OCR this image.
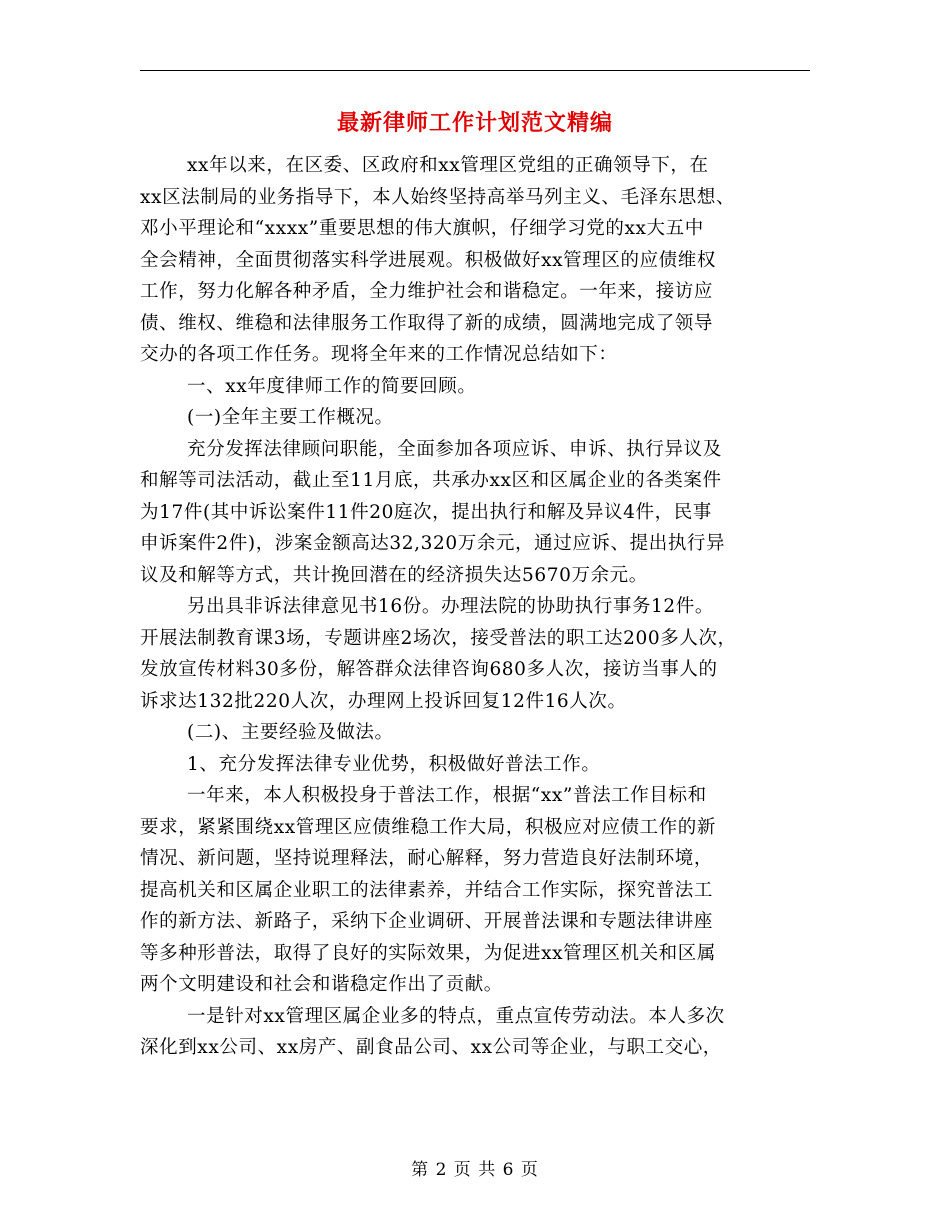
最新律师工作计划范文精编
xx年以来，在区委、区政府和xx管理区党组的正确领导下，在
xx区法制局的业务指导下，本人始终坚持高举马列主义、毛泽东思想、
邓小平理论和“xxxx”重要思想的伟大旗帜，仔细学习党的xx大五中
全会精神，全面贯彻落实科学进展观。积极做好xx管理区的应债维权
工作，努力化解各种矛盾，全力维护社会和谐稳定。一年来，接访应
债、维权、维稳和法律服务工作取得了新的成绩，圆满地完成了领导
交办的各项工作任务。现将全年来的工作情况总结如下：
一、xx年度律师工作的简要回顾。
(一)全年主要工作概况。
充分发挥法律顾问职能，全面参加各项应诉、申诉、执行异议及
和解等司法活动，截止至11月底，共承办xx区和区属企业的各类案件
为17件(其中诉讼案件11件20庭次，提出执行和解及异议4件，民事
申诉案件2件)，涉案金额高达32,320万余元，通过应诉、提出执行异
议及和解等方式，共计挽回潜在的经济损失达5670万余元。
另出具非诉法律意见书16份。办理法院的协助执行事务12件。
开展法制教育课3场，专题讲座2场次，接受普法的职工达200多人次，
发放宣传材料30多份，解答群众法律咨询680多人次，接访当事人的
诉求达132批220人次，办理网上投诉回复12件16人次。
(二)、主要经验及做法。
1、充分发挥法律专业优势，积极做好普法工作。
一年来，本人积极投身于普法工作，根据“xx”普法工作目标和
要求，紧紧围绕xx管理区应债维稳工作大局，积极应对应债工作的新
情况、新问题，坚持说理释法，耐心解释，努力营造良好法制环境，
提高机关和区属企业职工的法律素养，并结合工作实际，探究普法工
作的新方法、新路子，采纳下企业调研、开展普法课和专题法律讲座
等多种形普法，取得了良好的实际效果，为促进xx管理区机关和区属
两个文明建设和社会和谐稳定作出了贡献。
一是针对xx管理区属企业多的特点，重点宣传劳动法。本人多次
深化到xx公司、xx房产、副食品公司、xx公司等企业，与职工交心，
第 2 页 共 6 页
